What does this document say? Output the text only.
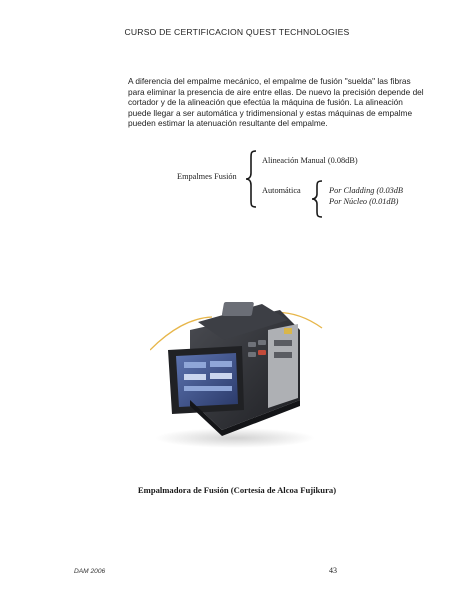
CURSO DE CERTIFICACION QUEST TECHNOLOGIES
A diferencia del empalme mecánico, el empalme de fusión "suelda" las fibras
para eliminar la presencia de aire entre ellas. De nuevo la precisión depende del
cortador y de la alineación que efectúa la máquina de fusión. La alineación
puede llegar a ser automática y tridimensional y estas máquinas de empalme
pueden estimar la atenuación resultante del empalme.
Empalmes Fusión
Alineación Manual (0.08dB)
Automática	Por Cladding (0.03dB
Por Núcleo (0.01dB)
Empalmadora de Fusión (Cortesía de Alcoa Fujikura)
DAM 2006	43
